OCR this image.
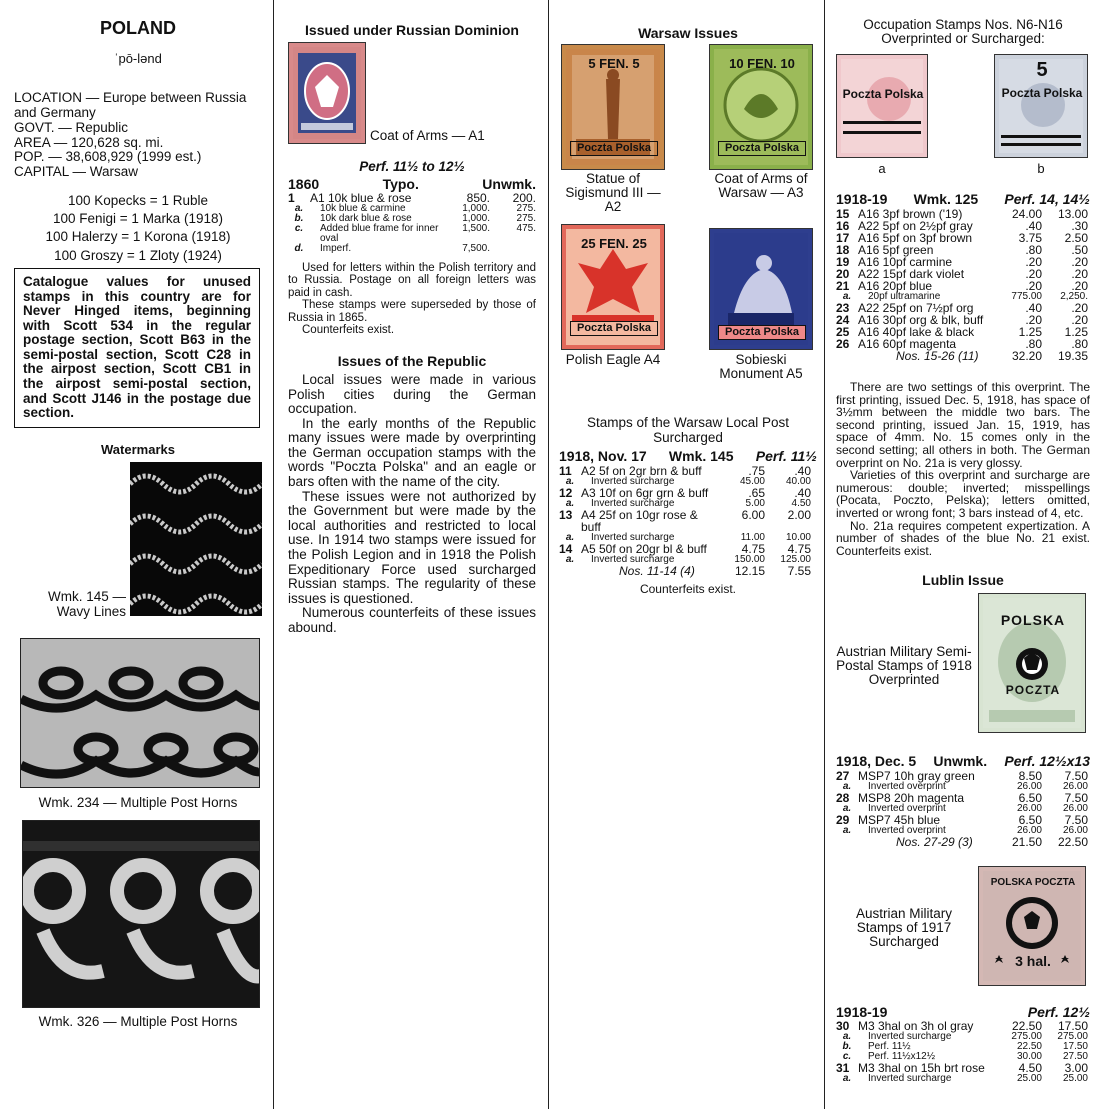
POLAND
ˈpō-lənd
LOCATION — Europe between Russia and Germany
GOVT. — Republic
AREA — 120,628 sq. mi.
POP. — 38,608,929 (1999 est.)
CAPITAL — Warsaw
100 Kopecks = 1 Ruble
100 Fenigi = 1 Marka (1918)
100 Halerzy = 1 Korona (1918)
100 Groszy = 1 Zloty (1924)
Catalogue values for unused stamps in this country are for Never Hinged items, beginning with Scott 534 in the regular postage section, Scott B63 in the semi-postal section, Scott C28 in the airpost section, Scott CB1 in the airpost semi-postal section, and Scott J146 in the postage due section.
Watermarks
Wmk. 145 — Wavy Lines
Wmk. 234 — Multiple Post Horns
Wmk. 326 — Multiple Post Horns
Issued under Russian Dominion
Coat of Arms — A1
Perf. 11½ to 12½
1860	Typo.	Unwmk.
1	A1 10k blue & rose	850.	200.
a.	10k blue & carmine	1,000.	275.
b.	10k dark blue & rose	1,000.	275.
c.	Added blue frame for inner oval	1,500.	475.
d.	Imperf.	7,500.	

Used for letters within the Polish territory and to Russia. Postage on all foreign letters was paid in cash.

These stamps were superseded by those of Russia in 1865.

Counterfeits exist.

Issues of the Republic

Local issues were made in various Polish cities during the German occupation.

In the early months of the Republic many issues were made by overprinting the German occupation stamps with the words "Poczta Polska" and an eagle or bars often with the name of the city.

These issues were not authorized by the Government but were made by the local authorities and restricted to local use. In 1914 two stamps were issued for the Polish Legion and in 1918 the Polish Expeditionary Force used surcharged Russian stamps. The regularity of these issues is questioned.

Numerous counterfeits of these issues abound.

Warsaw Issues
5 FEN. 5
Poczta Polska
Statue of Sigismund III — A2
10 FEN. 10
Poczta Polska
Coat of Arms of Warsaw — A3
25 FEN. 25
Poczta Polska
Polish Eagle A4
Poczta Polska
Sobieski Monument A5
Stamps of the Warsaw Local Post Surcharged
1918, Nov. 17 Wmk. 145 Perf. 11½
11	A2 5f on 2gr brn & buff	.75	.40
a.	Inverted surcharge	45.00	40.00
12	A3 10f on 6gr grn & buff	.65	.40
a.	Inverted surcharge	5.00	4.50
13	A4 25f on 10gr rose & buff	6.00	2.00
a.	Inverted surcharge	11.00	10.00
14	A5 50f on 20gr bl & buff	4.75	4.75
a.	Inverted surcharge	150.00	125.00
	Nos. 11-14 (4)	12.15	7.55
Counterfeits exist.
Occupation Stamps Nos. N6-N16 Overprinted or Surcharged:
Poczta Polska
a
5
Poczta Polska
b
1918-19 Wmk. 125 Perf. 14, 14½
15	A16 3pf brown ('19)	24.00	13.00
16	A22 5pf on 2½pf gray	.40	.30
17	A16 5pf on 3pf brown	3.75	2.50
18	A16 5pf green	.80	.50
19	A16 10pf carmine	.20	.20
20	A22 15pf dark violet	.20	.20
21	A16 20pf blue	.20	.20
a.	20pf ultramarine	775.00	2,250.
23	A22 25pf on 7½pf org	.40	.20
24	A16 30pf org & blk, buff	.20	.20
25	A16 40pf lake & black	1.25	1.25
26	A16 60pf magenta	.80	.80
	Nos. 15-26 (11)	32.20	19.35

There are two settings of this overprint. The first printing, issued Dec. 5, 1918, has space of 3½mm between the middle two bars. The second printing, issued Jan. 15, 1919, has space of 4mm. No. 15 comes only in the second setting; all others in both. The German overprint on No. 21a is very glossy.

Varieties of this overprint and surcharge are numerous: double; inverted; misspellings (Pocata, Poczto, Pelska); letters omitted, inverted or wrong font; 3 bars instead of 4, etc.

No. 21a requires competent expertization. A number of shades of the blue No. 21 exist. Counterfeits exist.

Lublin Issue
Austrian Military Semi-Postal Stamps of 1918 Overprinted
POLSKA
POCZTA
1918, Dec. 5 Unwmk. Perf. 12½x13
27	MSP7 10h gray green	8.50	7.50
a.	Inverted overprint	26.00	26.00
28	MSP8 20h magenta	6.50	7.50
a.	Inverted overprint	26.00	26.00
29	MSP7 45h blue	6.50	7.50
a.	Inverted overprint	26.00	26.00
	Nos. 27-29 (3)	21.50	22.50
Austrian Military Stamps of 1917 Surcharged
POLSKA POCZTA
3 hal.
1918-19	Perf. 12½
30	M3 3hal on 3h ol gray	22.50	17.50
a.	Inverted surcharge	275.00	275.00
b.	Perf. 11½	22.50	17.50
c.	Perf. 11½x12½	30.00	27.50
31	M3 3hal on 15h brt rose	4.50	3.00
a.	Inverted surcharge	25.00	25.00
